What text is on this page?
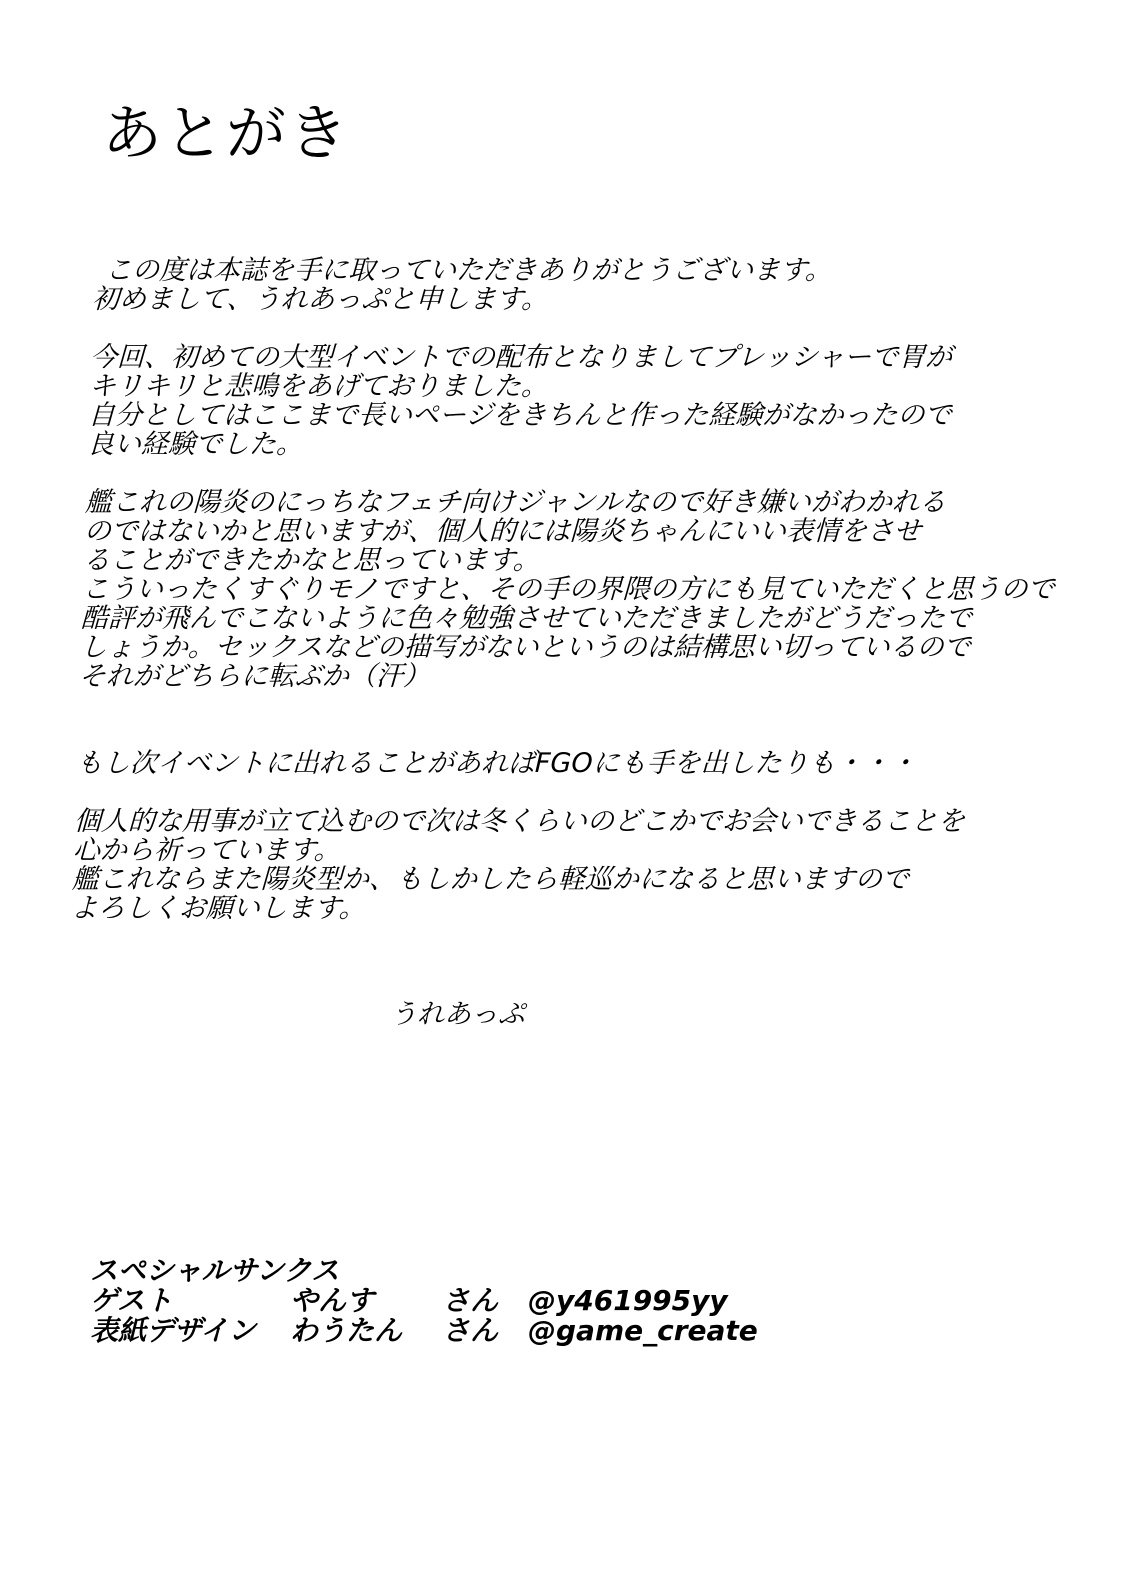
あとがき
この度は本誌を手に取っていただきありがとうございます。
初めまして、うれあっぷと申します。
今回、初めての大型イベントでの配布となりましてプレッシャーで胃が
キリキリと悲鳴をあげておりました。
自分としてはここまで長いページをきちんと作った経験がなかったので
良い経験でした。
艦これの陽炎のにっちなフェチ向けジャンルなので好き嫌いがわかれる
のではないかと思いますが、個人的には陽炎ちゃんにいい表情をさせ
ることができたかなと思っています。
こういったくすぐりモノですと、その手の界隈の方にも見ていただくと思うので
酷評が飛んでこないように色々勉強させていただきましたがどうだったで
しょうか。セックスなどの描写がないというのは結構思い切っているので
それがどちらに転ぶか（汗）
もし次イベントに出れることがあればFGOにも手を出したりも・・・
個人的な用事が立て込むので次は冬くらいのどこかでお会いできることを
心から祈っています。
艦これならまた陽炎型か、もしかしたら軽巡かになると思いますので
よろしくお願いします。
うれあっぷ
スペシャルサンクス
ゲスト	やんす さん @y461995yy
表紙デザイン わうたん さん @game_create
